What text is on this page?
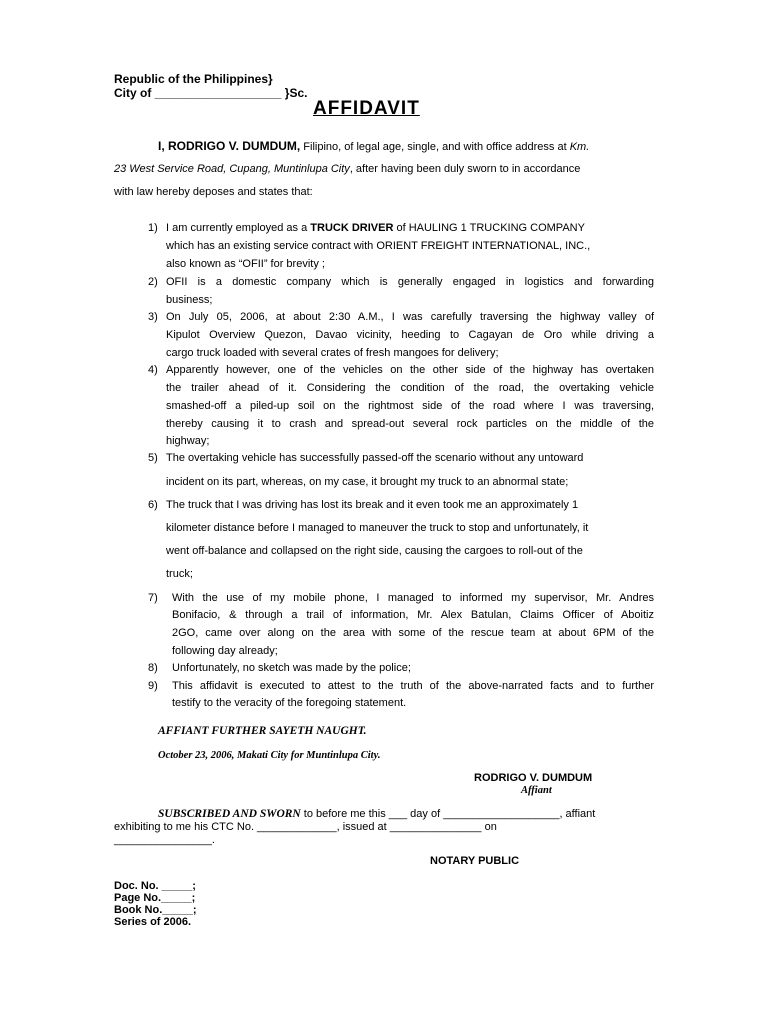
Republic of the Philippines}
City of ___________________ }Sc.
AFFIDAVIT
I, RODRIGO V. DUMDUM, Filipino, of legal age, single, and with office address at Km.
23 West Service Road, Cupang, Muntinlupa City, after having been duly sworn to in accordance
with law hereby deposes and states that:
1) I am currently employed as a TRUCK DRIVER of HAULING 1 TRUCKING COMPANY
which has an existing service contract with ORIENT FREIGHT INTERNATIONAL, INC.,
also known as “OFII” for brevity ;
2) OFII is a domestic company which is generally engaged in logistics and forwarding
business;
3) On July 05, 2006, at about 2:30 A.M., I was carefully traversing the highway valley of
Kipulot Overview Quezon, Davao vicinity, heeding to Cagayan de Oro while driving a
cargo truck loaded with several crates of fresh mangoes for delivery;
4) Apparently however, one of the vehicles on the other side of the highway has overtaken
the trailer ahead of it. Considering the condition of the road, the overtaking vehicle
smashed-off a piled-up soil on the rightmost side of the road where I was traversing,
thereby causing it to crash and spread-out several rock particles on the middle of the
highway;
5) The overtaking vehicle has successfully passed-off the scenario without any untoward
incident on its part, whereas, on my case, it brought my truck to an abnormal state;
6) The truck that I was driving has lost its break and it even took me an approximately 1
kilometer distance before I managed to maneuver the truck to stop and unfortunately, it
went off-balance and collapsed on the right side, causing the cargoes to roll-out of the
truck;
7) With the use of my mobile phone, I managed to informed my supervisor, Mr. Andres
Bonifacio, & through a trail of information, Mr. Alex Batulan, Claims Officer of Aboitiz
2GO, came over along on the area with some of the rescue team at about 6PM of the
following day already;
8) Unfortunately, no sketch was made by the police;
9) This affidavit is executed to attest to the truth of the above-narrated facts and to further
testify to the veracity of the foregoing statement.
AFFIANT FURTHER SAYETH NAUGHT.
October 23, 2006, Makati City for Muntinlupa City.
RODRIGO V. DUMDUM
Affiant
SUBSCRIBED AND SWORN to before me this ___ day of ___________________, affiant
exhibiting to me his CTC No. _____________, issued at _______________ on
________________.
NOTARY PUBLIC
Doc. No. _____;
Page No._____;
Book No._____;
Series of 2006.
